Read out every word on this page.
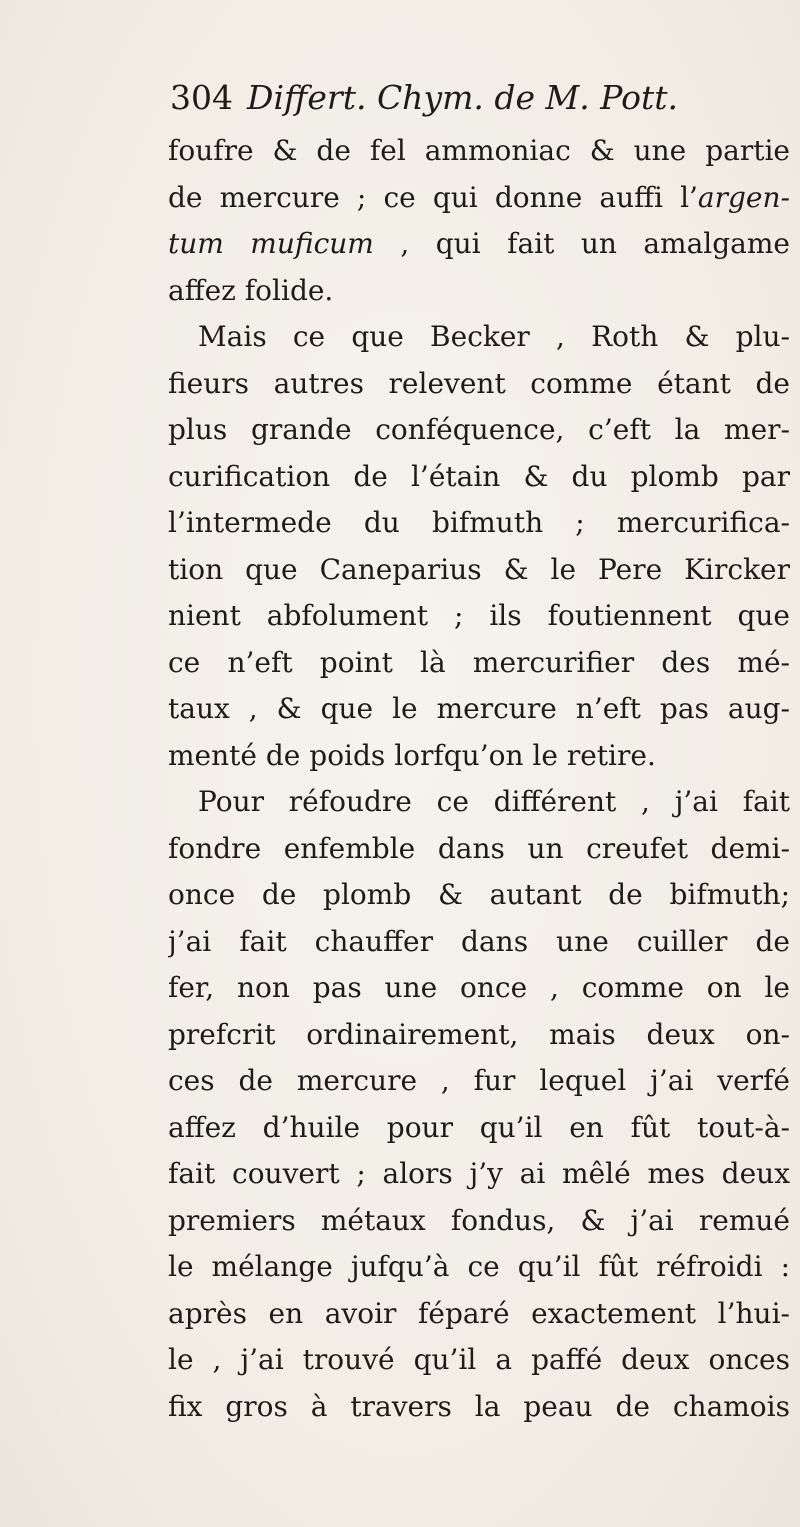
304 Differt. Chym. de M. Pott.
foufre & de fel ammoniac & une partie
de mercure ; ce qui donne auffi l’argen-
tum muficum , qui fait un amalgame
affez folide.
Mais ce que Becker , Roth & plu-
fieurs autres relevent comme étant de
plus grande conféquence, c’eft la mer-
curification de l’étain & du plomb par
l’intermede du bifmuth ; mercurifica-
tion que Caneparius & le Pere Kircker
nient abfolument ; ils foutiennent que
ce n’eft point là mercurifier des mé-
taux , & que le mercure n’eft pas aug-
menté de poids lorfqu’on le retire.
Pour réfoudre ce différent , j’ai fait
fondre enfemble dans un creufet demi-
once de plomb & autant de bifmuth;
j’ai fait chauffer dans une cuiller de
fer, non pas une once , comme on le
prefcrit ordinairement, mais deux on-
ces de mercure , fur lequel j’ai verfé
affez d’huile pour qu’il en fût tout-à-
fait couvert ; alors j’y ai mêlé mes deux
premiers métaux fondus, & j’ai remué
le mélange jufqu’à ce qu’il fût réfroidi :
après en avoir féparé exactement l’hui-
le , j’ai trouvé qu’il a paffé deux onces
fix gros à travers la peau de chamois
